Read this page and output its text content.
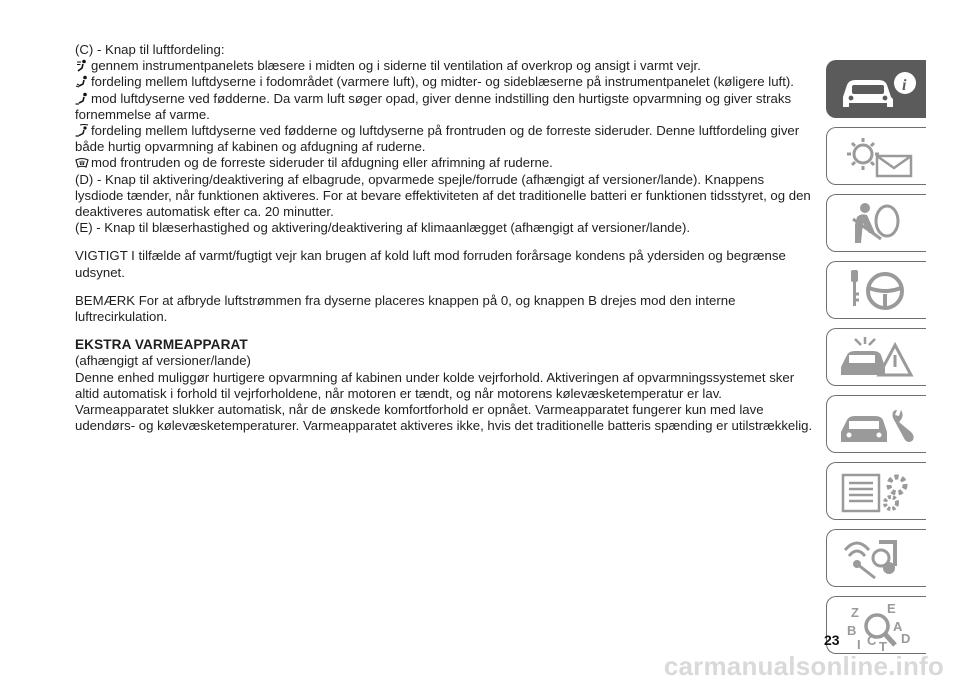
(C) - Knap til luftfordeling:

gennem instrumentpanelets blæsere i midten og i siderne til ventilation af overkrop og ansigt i varmt vejr.

fordeling mellem luftdyserne i fodområdet (varmere luft), og midter- og sideblæserne på instrumentpanelet (køligere luft).

mod luftdyserne ved fødderne. Da varm luft søger opad, giver denne indstilling den hurtigste opvarmning og giver straks fornemmelse af varme.

fordeling mellem luftdyserne ved fødderne og luftdyserne på frontruden og de forreste sideruder. Denne luftfordeling giver både hurtig opvarmning af kabinen og afdugning af ruderne.

mod frontruden og de forreste sideruder til afdugning eller afrimning af ruderne.

(D) - Knap til aktivering/deaktivering af elbagrude, opvarmede spejle/forrude (afhængigt af versioner/lande). Knappens lysdiode tænder, når funktionen aktiveres. For at bevare effektiviteten af det traditionelle batteri er funktionen tidsstyret, og den deaktiveres automatisk efter ca. 20 minutter.

(E) - Knap til blæserhastighed og aktivering/deaktivering af klimaanlægget (afhængigt af versioner/lande).

VIGTIGT I tilfælde af varmt/fugtigt vejr kan brugen af kold luft mod forruden forårsage kondens på ydersiden og begrænse udsynet.

BEMÆRK For at afbryde luftstrømmen fra dyserne placeres knappen på 0, og knappen B drejes mod den interne luftrecirkulation.

EKSTRA VARMEAPPARAT

(afhængigt af versioner/lande)

Denne enhed muliggør hurtigere opvarmning af kabinen under kolde vejrforhold. Aktiveringen af opvarmningssystemet sker altid automatisk i forhold til vejrforholdene, når motoren er tændt, og når motorens kølevæsketemperatur er lav. Varmeapparatet slukker automatisk, når de ønskede komfortforhold er opnået. Varmeapparatet fungerer kun med lave udendørs- og kølevæsketemperaturer. Varmeapparatet aktiveres ikke, hvis det traditionelle batteris spænding er utilstrækkelig.

i
Z E
B	A
D
I C T
23
carmanualsonline.info
